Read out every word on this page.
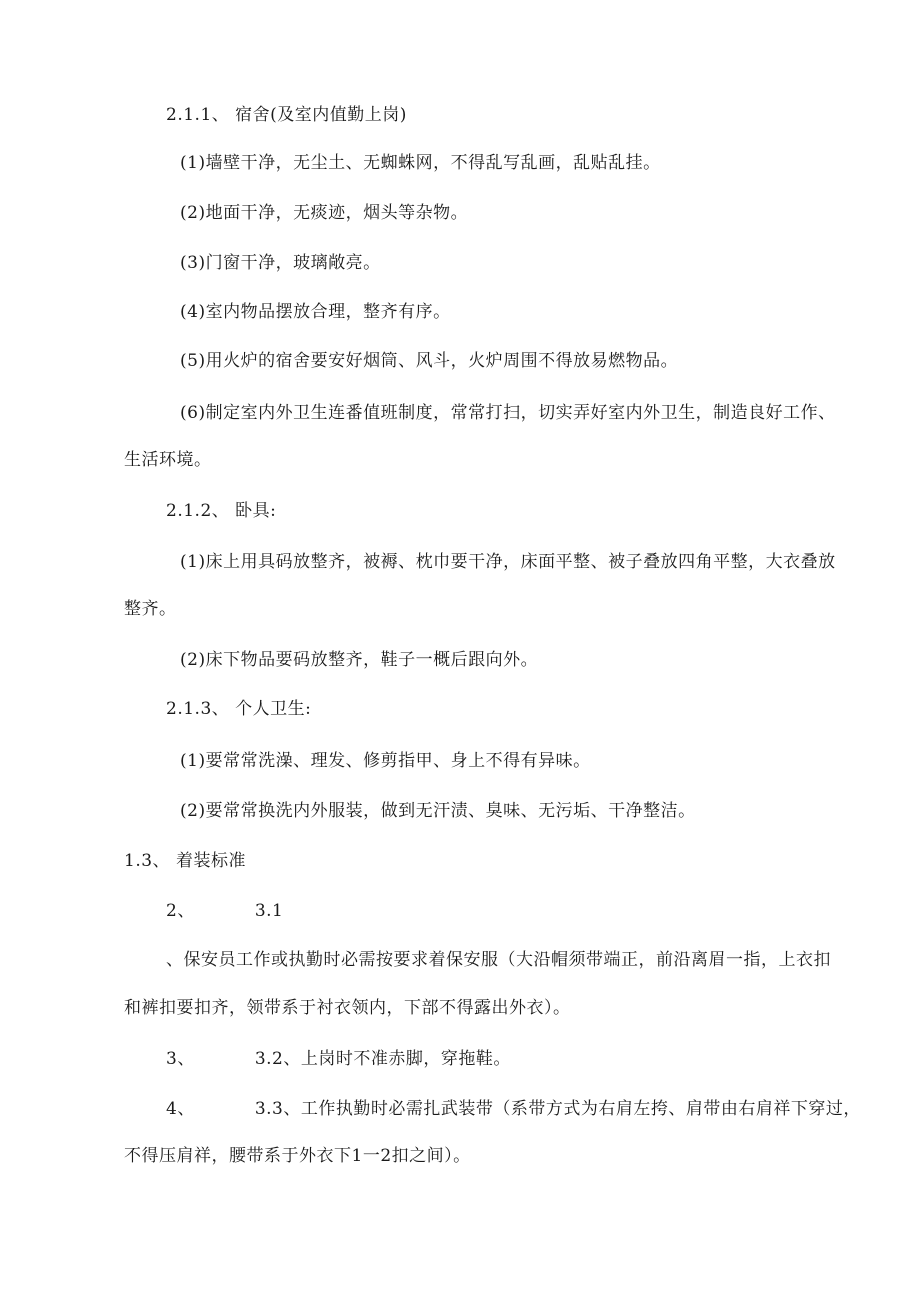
2.1.1、 宿舍(及室内值勤上岗)
(1)墙壁干净，无尘土、无蜘蛛网，不得乱写乱画，乱贴乱挂。
(2)地面干净，无痰迹，烟头等杂物。
(3)门窗干净，玻璃敞亮。
(4)室内物品摆放合理，整齐有序。
(5)用火炉的宿舍要安好烟筒、风斗，火炉周围不得放易燃物品。
(6)制定室内外卫生连番值班制度，常常打扫，切实弄好室内外卫生，制造良好工作、
生活环境。
2.1.2、 卧具:
(1)床上用具码放整齐，被褥、枕巾要干净，床面平整、被子叠放四角平整，大衣叠放
整齐。
(2)床下物品要码放整齐，鞋子一概后跟向外。
2.1.3、 个人卫生:
(1)要常常洗澡、理发、修剪指甲、身上不得有异味。
(2)要常常换洗内外服装，做到无汗渍、臭味、无污垢、干净整洁。
1.3、 着装标准
2、	3.1
、保安员工作或执勤时必需按要求着保安服（大沿帽须带端正，前沿离眉一指，上衣扣
和裤扣要扣齐，领带系于衬衣领内，下部不得露出外衣）。
3、	3.2、上岗时不准赤脚，穿拖鞋。
4、	3.3、工作执勤时必需扎武装带（系带方式为右肩左挎、肩带由右肩祥下穿过，
不得压肩祥，腰带系于外衣下1一2扣之间）。
